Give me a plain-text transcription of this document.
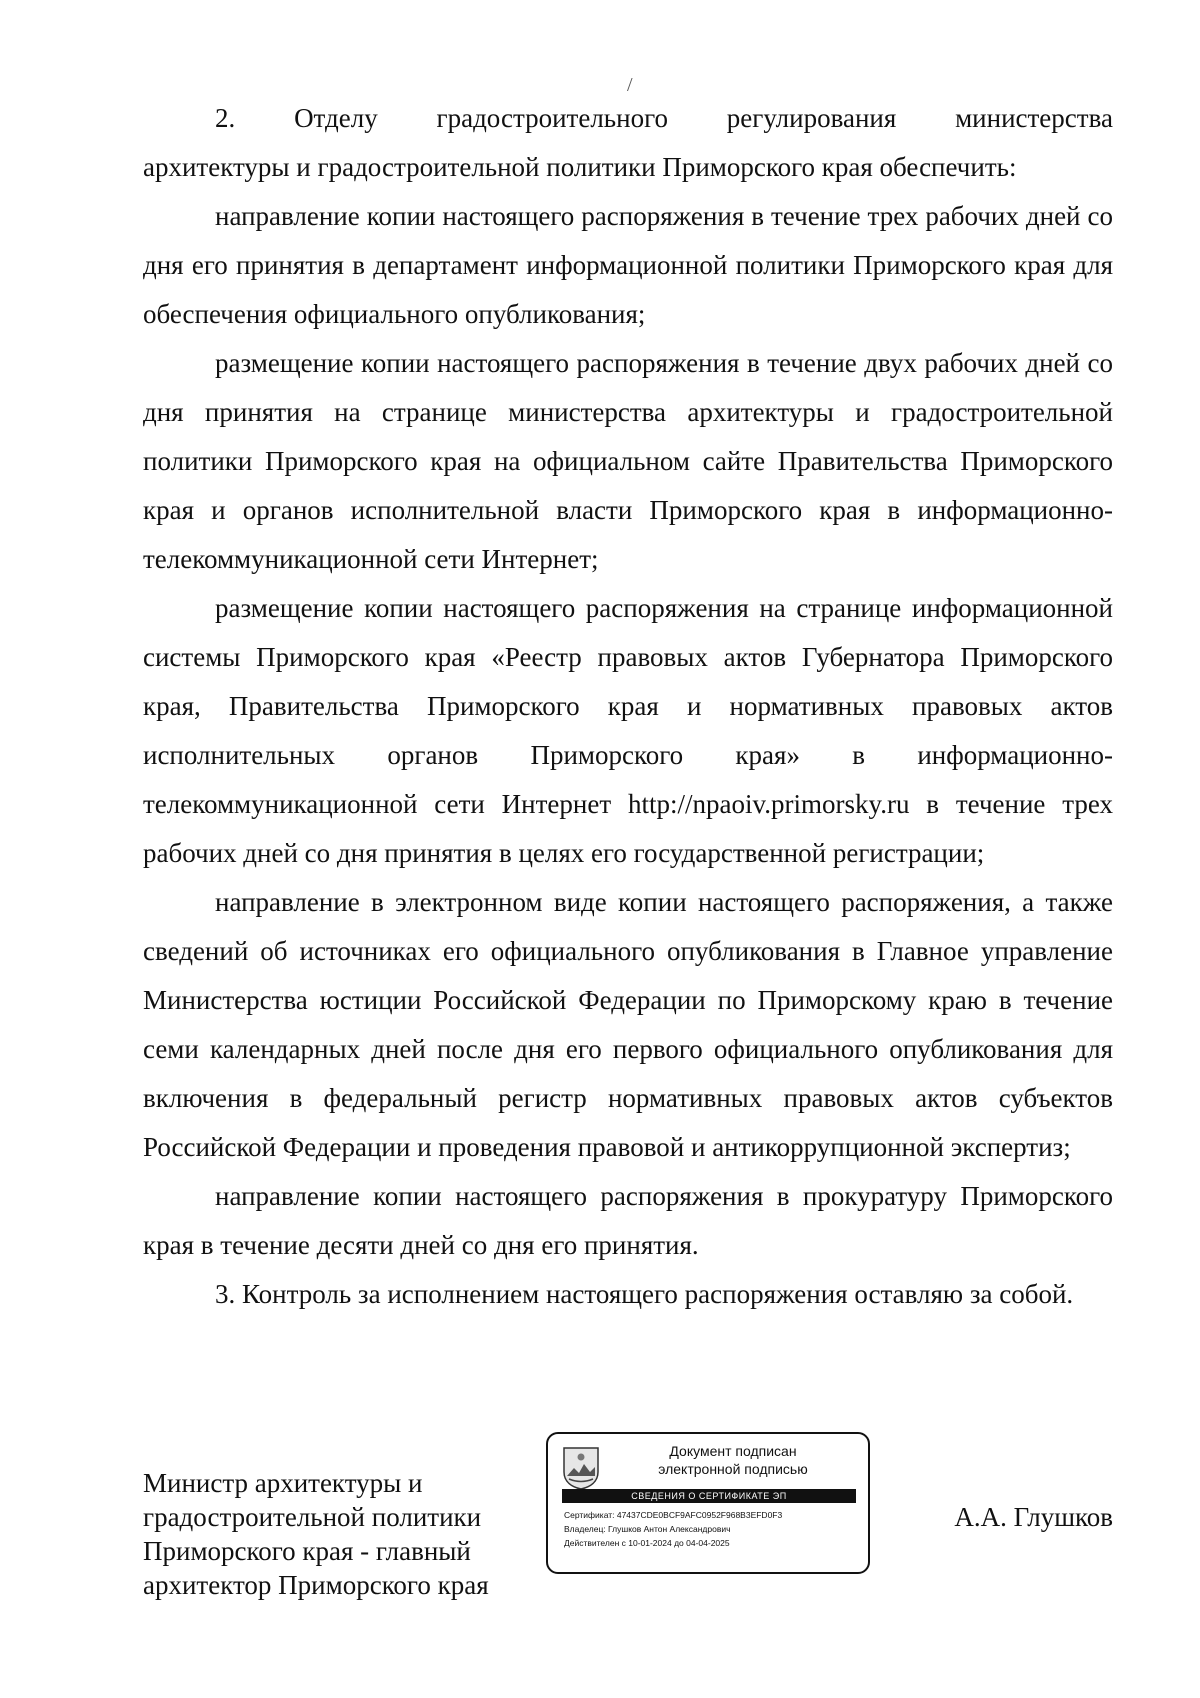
/
2. Отделу градостроительного регулирования министерства

архитектуры и градостроительной политики Приморского края обеспечить:

направление копии настоящего распоряжения в течение трех рабочих дней со дня его принятия в департамент информационной политики Приморского края для обеспечения официального опубликования;

размещение копии настоящего распоряжения в течение двух рабочих дней со дня принятия на странице министерства архитектуры и градостроительной политики Приморского края на официальном сайте Правительства Приморского края и органов исполнительной власти Приморского края в информационно-телекоммуникационной сети Интернет;

размещение копии настоящего распоряжения на странице информационной системы Приморского края «Реестр правовых актов Губернатора Приморского края, Правительства Приморского края и нормативных правовых актов исполнительных органов Приморского края» в информационно-телекоммуникационной сети Интернет http://npaoiv.primorsky.ru в течение трех рабочих дней со дня принятия в целях его государственной регистрации;

направление в электронном виде копии настоящего распоряжения, а также сведений об источниках его официального опубликования в Главное управление Министерства юстиции Российской Федерации по Приморскому краю в течение семи календарных дней после дня его первого официального опубликования для включения в федеральный регистр нормативных правовых актов субъектов Российской Федерации и проведения правовой и антикоррупционной экспертиз;

направление копии настоящего распоряжения в прокуратуру Приморского края в течение десяти дней со дня его принятия.

3. Контроль за исполнением настоящего распоряжения оставляю за собой.

Министр архитектуры и
градостроительной политики
Приморского края - главный
архитектор Приморского края
Документ подписан
электронной подписью
СВЕДЕНИЯ О СЕРТИФИКАТЕ ЭП
Сертификат: 47437CDE0BCF9AFC0952F968B3EFD0F3
Владелец: Глушков Антон Александрович
Действителен с 10-01-2024 до 04-04-2025
А.А. Глушков
